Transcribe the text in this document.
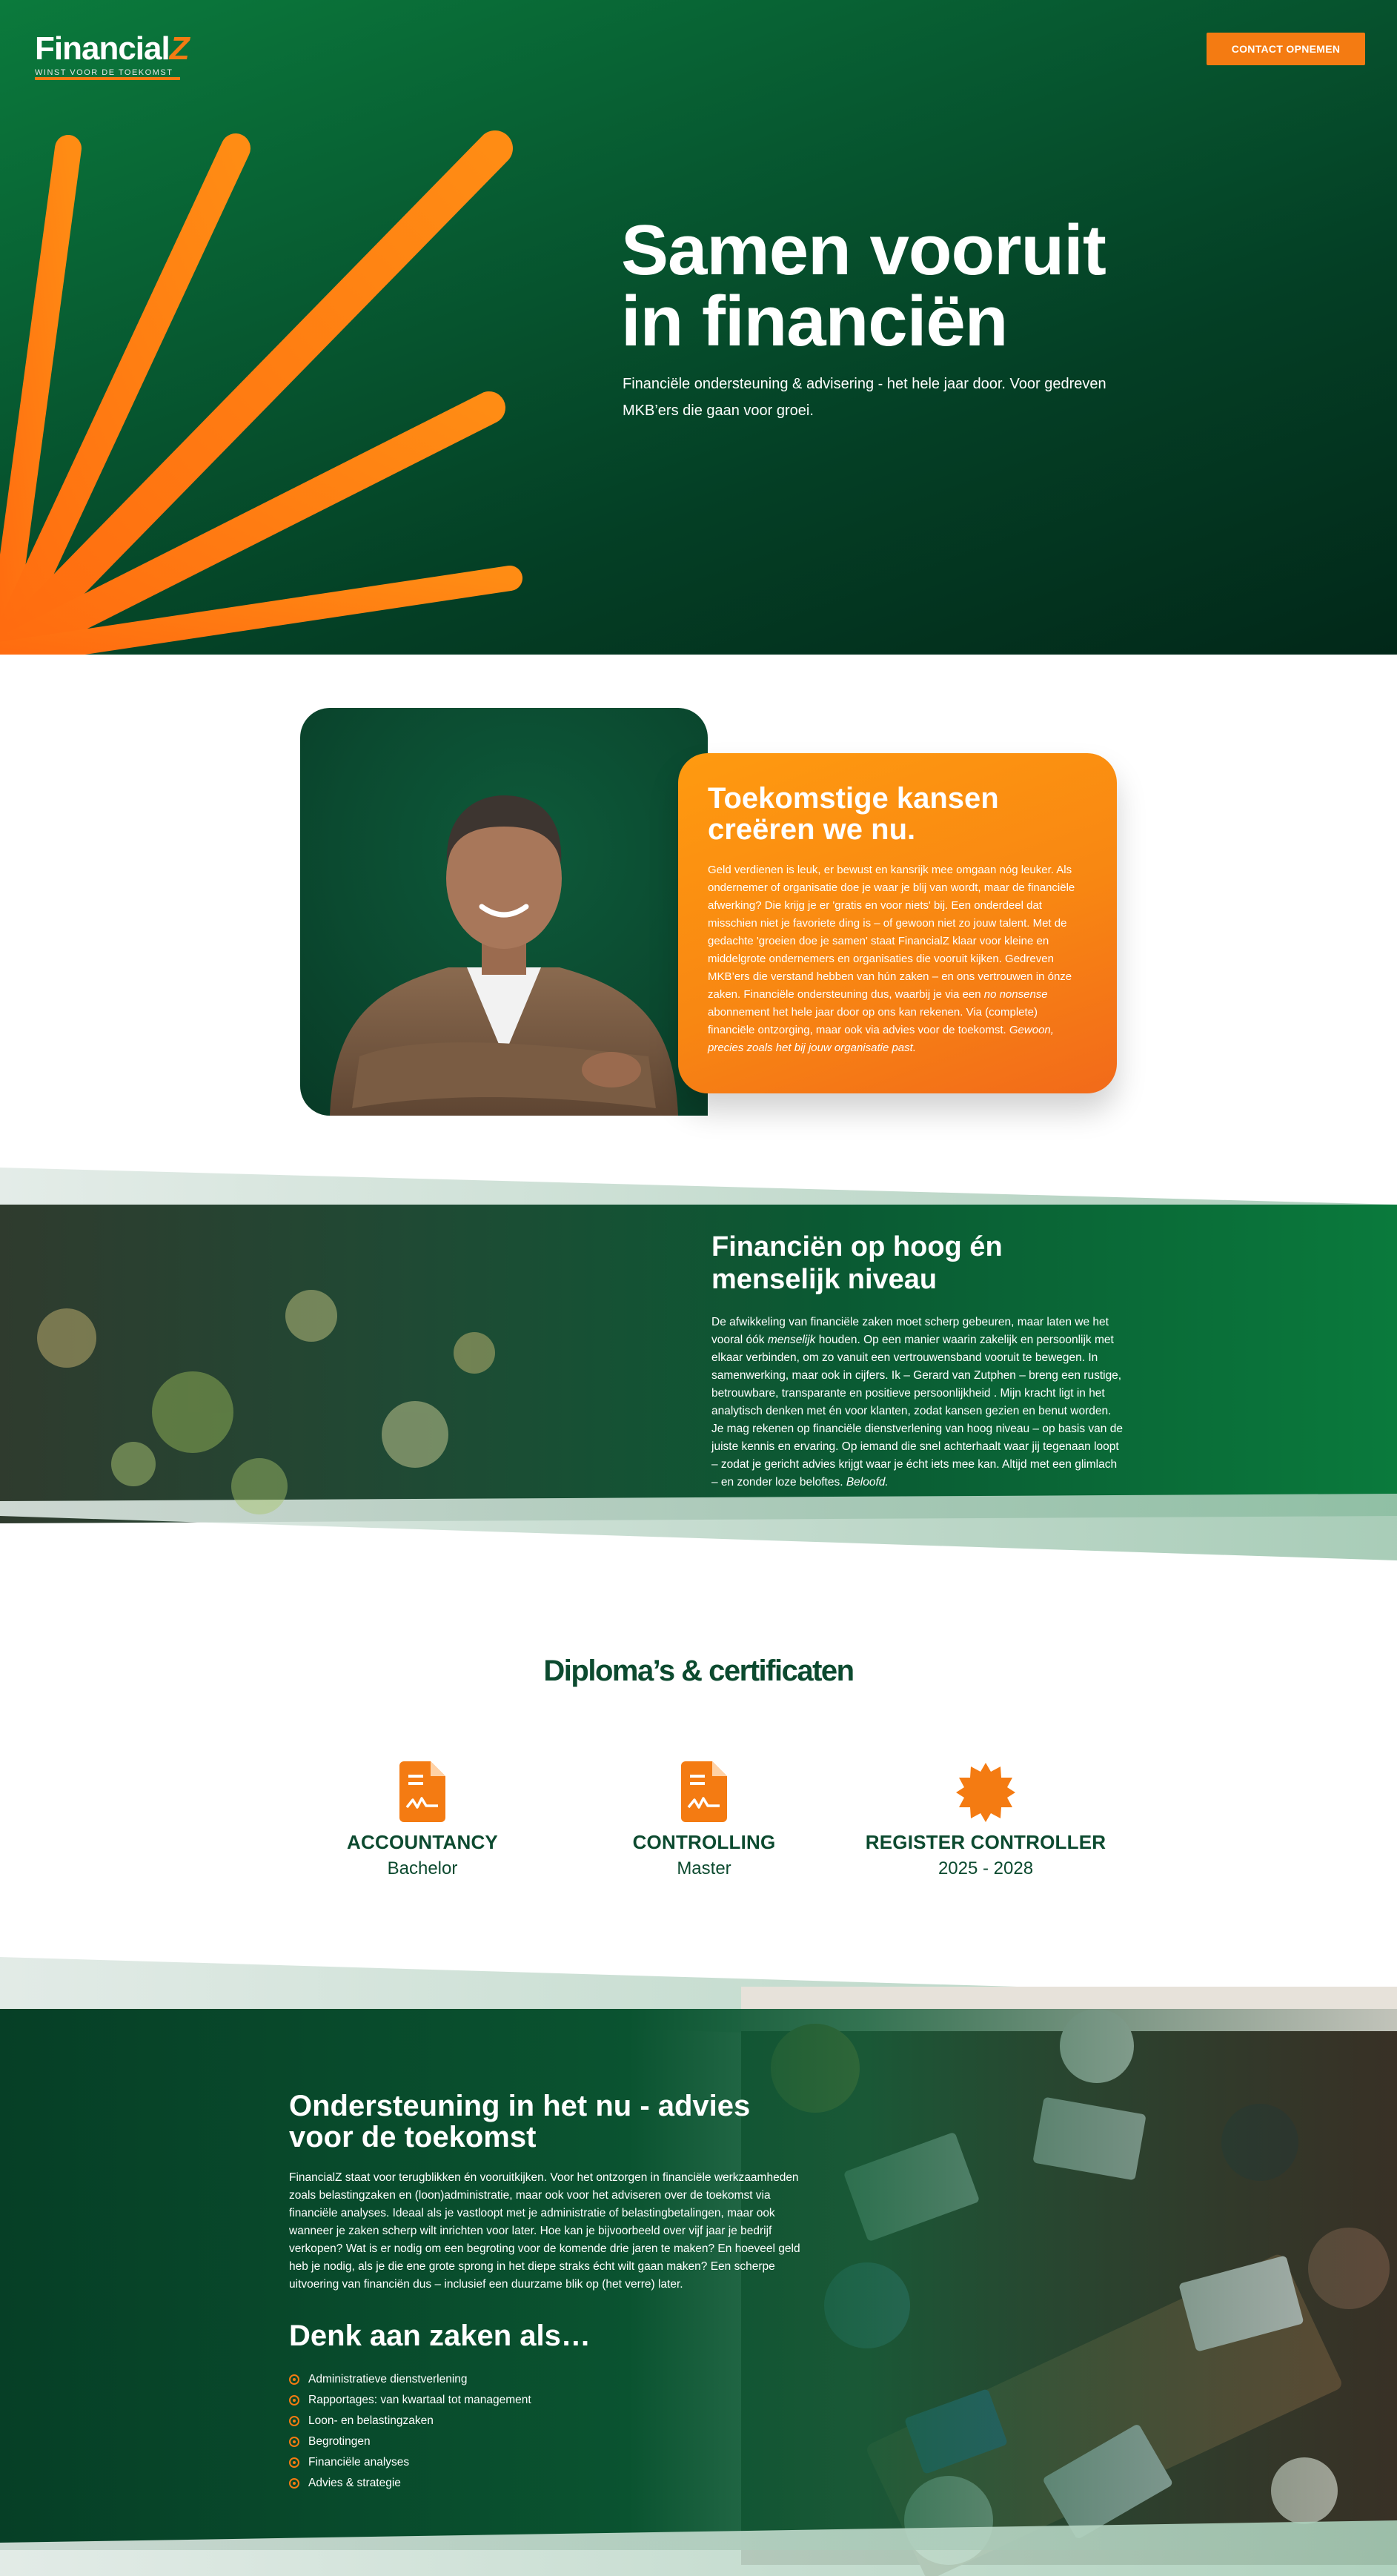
FinancialZ
WINST VOOR DE TOEKOMST
CONTACT OPNEMEN
Samen vooruit in financiën

Financiële ondersteuning & advisering - het hele jaar door. Voor gedreven MKB’ers die gaan voor groei.

Toekomstige kansen creëren we nu.

Geld verdienen is leuk, er bewust en kansrijk mee omgaan nóg leuker. Als ondernemer of organisatie doe je waar je blij van wordt, maar de financiële afwerking? Die krijg je er 'gratis en voor niets' bij. Een onderdeel dat misschien niet je favoriete ding is – of gewoon niet zo jouw talent. Met de gedachte 'groeien doe je samen' staat FinancialZ klaar voor kleine en middelgrote ondernemers en organisaties die vooruit kijken. Gedreven MKB’ers die verstand hebben van hún zaken – en ons vertrouwen in ónze zaken. Financiële ondersteuning dus, waarbij je via een no nonsense abonnement het hele jaar door op ons kan rekenen. Via (complete) financiële ontzorging, maar ook via advies voor de toekomst. Gewoon, precies zoals het bij jouw organisatie past.

Financiën op hoog én menselijk niveau

De afwikkeling van financiële zaken moet scherp gebeuren, maar laten we het vooral óók menselijk houden. Op een manier waarin zakelijk en persoonlijk met elkaar verbinden, om zo vanuit een vertrouwensband vooruit te bewegen. In samenwerking, maar ook in cijfers. Ik – Gerard van Zutphen – breng een rustige, betrouwbare, transparante en positieve persoonlijkheid . Mijn kracht ligt in het analytisch denken met én voor klanten, zodat kansen gezien en benut worden. Je mag rekenen op financiële dienstverlening van hoog niveau – op basis van de juiste kennis en ervaring. Op iemand die snel achterhaalt waar jij tegenaan loopt – zodat je gericht advies krijgt waar je écht iets mee kan. Altijd met een glimlach – en zonder loze beloftes. Beloofd.

Diploma’s & certificaten
ACCOUNTANCY
Bachelor
CONTROLLING
Master
REGISTER CONTROLLER
2025 - 2028
Ondersteuning in het nu - advies voor de toekomst

FinancialZ staat voor terugblikken én vooruitkijken. Voor het ontzorgen in financiële werkzaamheden zoals belastingzaken en (loon)administratie, maar ook voor het adviseren over de toekomst via financiële analyses. Ideaal als je vastloopt met je administratie of belastingbetalingen, maar ook wanneer je zaken scherp wilt inrichten voor later. Hoe kan je bijvoorbeeld over vijf jaar je bedrijf verkopen? Wat is er nodig om een begroting voor de komende drie jaren te maken? En hoeveel geld heb je nodig, als je die ene grote sprong in het diepe straks écht wilt gaan maken? Een scherpe uitvoering van financiën dus – inclusief een duurzame blik op (het verre) later.

Denk aan zaken als…
Administratieve dienstverlening
Rapportages: van kwartaal tot management
Loon- en belastingzaken
Begrotingen
Financiële analyses
Advies & strategie
